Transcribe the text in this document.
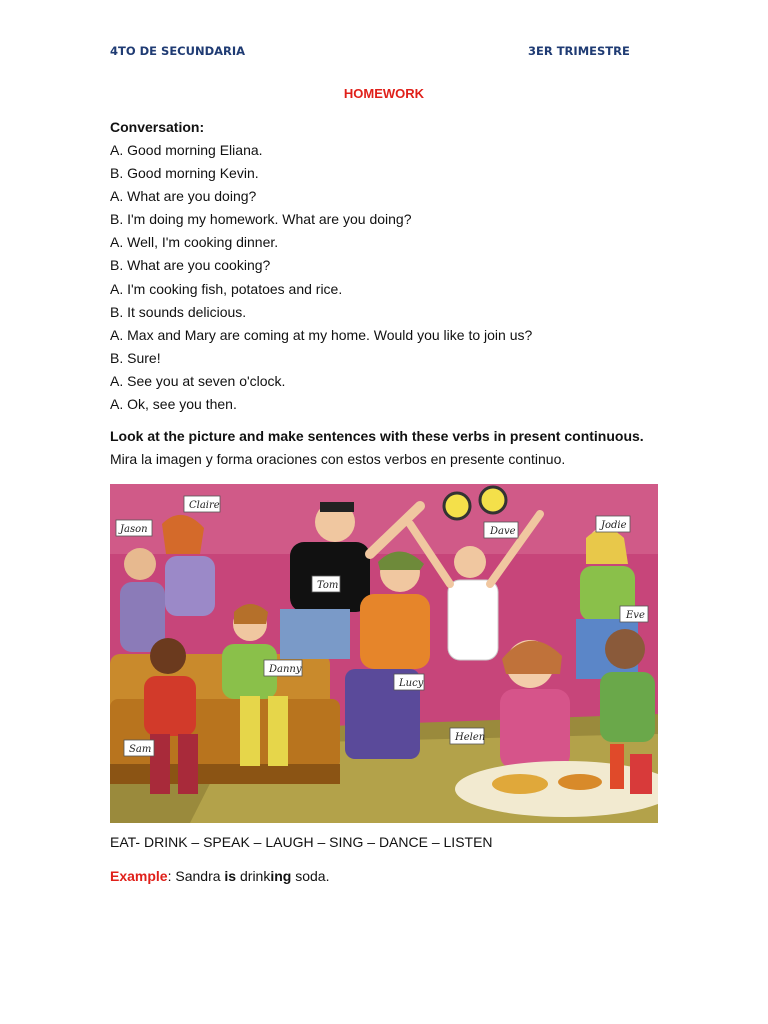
4TO DE SECUNDARIA	3ER TRIMESTRE
HOMEWORK
Conversation:
A. Good morning Eliana.
B. Good morning Kevin.
A. What are you doing?
B. I'm doing my homework. What are you doing?
A. Well, I'm cooking dinner.
B. What are you cooking?
A. I'm cooking fish, potatoes and rice.
B. It sounds delicious.
A. Max and Mary are coming at my home. Would you like to join us?
B. Sure!
A. See you at seven o'clock.
A. Ok, see you then.
Look at the picture and make sentences with these verbs in present continuous.
Mira la imagen y forma oraciones con estos verbos en presente continuo.
Claire
Jason
Tom
Dave
Jodie
Eve
Danny
Lucy
Helen
Sam
EAT- DRINK – SPEAK – LAUGH – SING – DANCE – LISTEN
Example: Sandra is drinking soda.
